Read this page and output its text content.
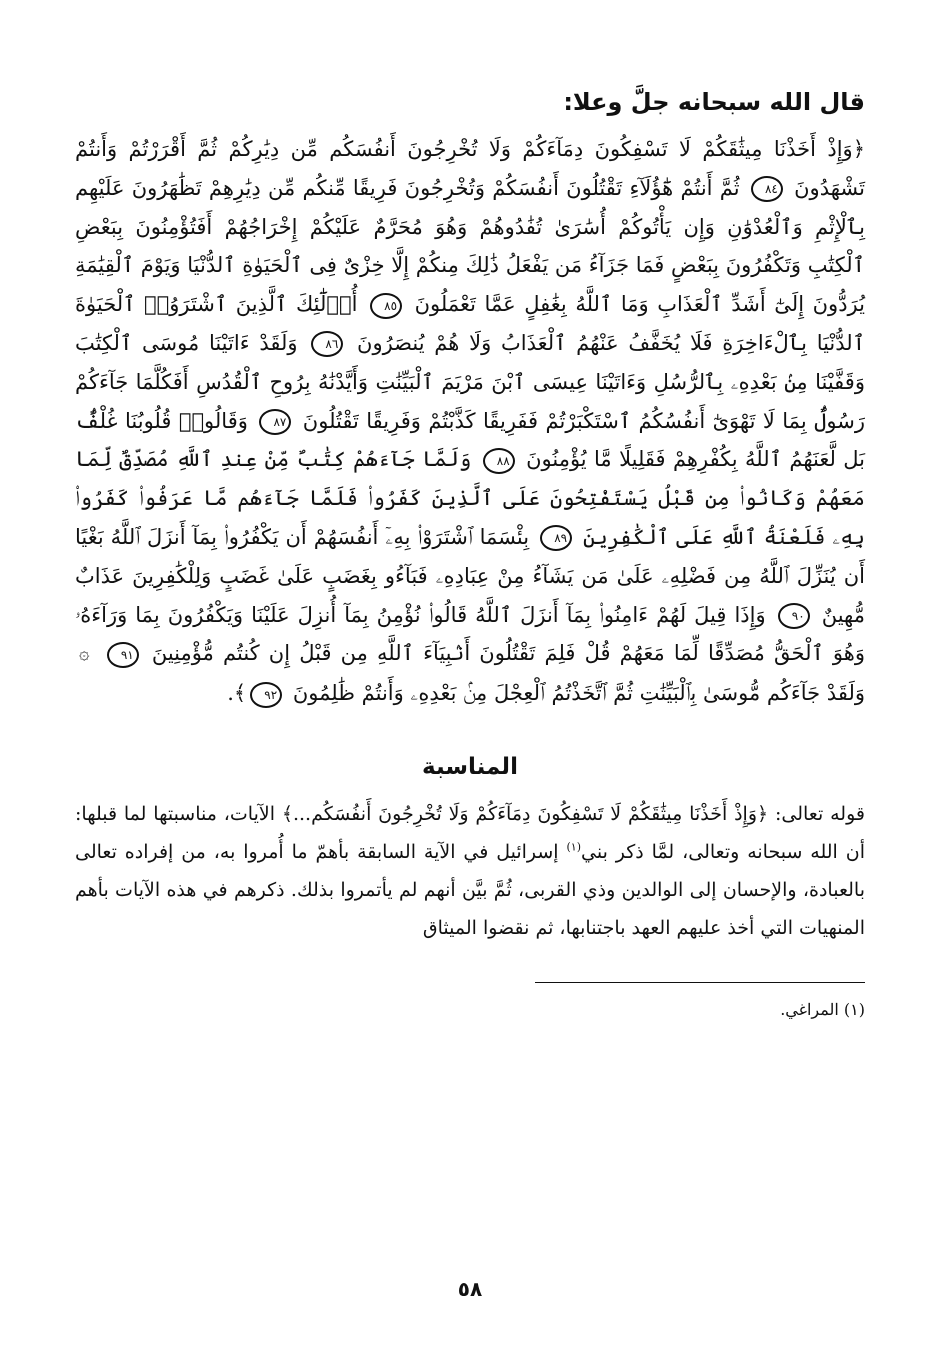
قال الله سبحانه جلَّ وعلا:

﴿وَإِذْ أَخَذْنَا مِيثَٰقَكُمْ لَا تَسْفِكُونَ دِمَآءَكُمْ وَلَا تُخْرِجُونَ أَنفُسَكُم مِّن دِيَٰرِكُمْ ثُمَّ أَقْرَرْتُمْ وَأَنتُمْ تَشْهَدُونَ ٨٤ ثُمَّ أَنتُمْ هَٰٓؤُلَآءِ تَقْتُلُونَ أَنفُسَكُمْ وَتُخْرِجُونَ فَرِيقًا مِّنكُم مِّن دِيَٰرِهِمْ تَظَٰهَرُونَ عَلَيْهِم بِٱلْإِثْمِ وَٱلْعُدْوَٰنِ وَإِن يَأْتُوكُمْ أُسَٰرَىٰ تُفَٰدُوهُمْ وَهُوَ مُحَرَّمٌ عَلَيْكُمْ إِخْرَاجُهُمْ أَفَتُؤْمِنُونَ بِبَعْضِ ٱلْكِتَٰبِ وَتَكْفُرُونَ بِبَعْضٍ فَمَا جَزَآءُ مَن يَفْعَلُ ذَٰلِكَ مِنكُمْ إِلَّا خِزْىٌ فِى ٱلْحَيَوٰةِ ٱلدُّنْيَا وَيَوْمَ ٱلْقِيَٰمَةِ يُرَدُّونَ إِلَىٰٓ أَشَدِّ ٱلْعَذَابِ وَمَا ٱللَّهُ بِغَٰفِلٍ عَمَّا تَعْمَلُونَ ٨٥ أُو۟لَٰٓئِكَ ٱلَّذِينَ ٱشْتَرَوُا۟ ٱلْحَيَوٰةَ ٱلدُّنْيَا بِٱلْءَاخِرَةِ فَلَا يُخَفَّفُ عَنْهُمُ ٱلْعَذَابُ وَلَا هُمْ يُنصَرُونَ ٨٦ وَلَقَدْ ءَاتَيْنَا مُوسَى ٱلْكِتَٰبَ وَقَفَّيْنَا مِنۢ بَعْدِهِۦ بِٱلرُّسُلِ وَءَاتَيْنَا عِيسَى ٱبْنَ مَرْيَمَ ٱلْبَيِّنَٰتِ وَأَيَّدْنَٰهُ بِرُوحِ ٱلْقُدُسِ أَفَكُلَّمَا جَآءَكُمْ رَسُولٌۢ بِمَا لَا تَهْوَىٰٓ أَنفُسُكُمُ ٱسْتَكْبَرْتُمْ فَفَرِيقًا كَذَّبْتُمْ وَفَرِيقًا تَقْتُلُونَ ٨٧ وَقَالُوا۟ قُلُوبُنَا غُلْفٌۢ بَل لَّعَنَهُمُ ٱللَّهُ بِكُفْرِهِمْ فَقَلِيلًا مَّا يُؤْمِنُونَ ٨٨ وَلَمَّا جَآءَهُمْ كِتَٰبٌ مِّنْ عِندِ ٱللَّهِ مُصَدِّقٌ لِّمَا مَعَهُمْ وَكَانُوا۟ مِن قَبْلُ يَسْتَفْتِحُونَ عَلَى ٱلَّذِينَ كَفَرُوا۟ فَلَمَّا جَآءَهُم مَّا عَرَفُوا۟ كَفَرُوا۟ بِهِۦ فَلَعْنَةُ ٱللَّهِ عَلَى ٱلْكَٰفِرِينَ ٨٩ بِئْسَمَا ٱشْتَرَوْا۟ بِهِۦٓ أَنفُسَهُمْ أَن يَكْفُرُوا۟ بِمَآ أَنزَلَ ٱللَّهُ بَغْيًا أَن يُنَزِّلَ ٱللَّهُ مِن فَضْلِهِۦ عَلَىٰ مَن يَشَآءُ مِنْ عِبَادِهِۦ فَبَآءُو بِغَضَبٍ عَلَىٰ غَضَبٍ وَلِلْكَٰفِرِينَ عَذَابٌ مُّهِينٌ ٩٠ وَإِذَا قِيلَ لَهُمْ ءَامِنُوا۟ بِمَآ أَنزَلَ ٱللَّهُ قَالُوا۟ نُؤْمِنُ بِمَآ أُنزِلَ عَلَيْنَا وَيَكْفُرُونَ بِمَا وَرَآءَهُۥ وَهُوَ ٱلْحَقُّ مُصَدِّقًا لِّمَا مَعَهُمْ قُلْ فَلِمَ تَقْتُلُونَ أَنۢبِيَآءَ ٱللَّهِ مِن قَبْلُ إِن كُنتُم مُّؤْمِنِينَ ٩١ ۞ وَلَقَدْ جَآءَكُم مُّوسَىٰ بِٱلْبَيِّنَٰتِ ثُمَّ ٱتَّخَذْتُمُ ٱلْعِجْلَ مِنۢ بَعْدِهِۦ وَأَنتُمْ ظَٰلِمُونَ ٩٢﴾.

المناسبة

قوله تعالى: ﴿وَإِذْ أَخَذْنَا مِيثَٰقَكُمْ لَا تَسْفِكُونَ دِمَآءَكُمْ وَلَا تُخْرِجُونَ أَنفُسَكُم...﴾ الآيات، مناسبتها لما قبلها: أن الله سبحانه وتعالى، لمَّا ذكر بني$^{(١)}$ إسرائيل في الآية السابقة بأهمّ ما أُمروا به، من إفراده تعالى بالعبادة، والإحسان إلى الوالدين وذي القربى، ثُمَّ بيَّن أنهم لم يأتمروا بذلك. ذكرهم في هذه الآيات بأهم المنهيات التي أخذ عليهم العهد باجتنابها، ثم نقضوا الميثاق

(١) المراغي.

٥٨
